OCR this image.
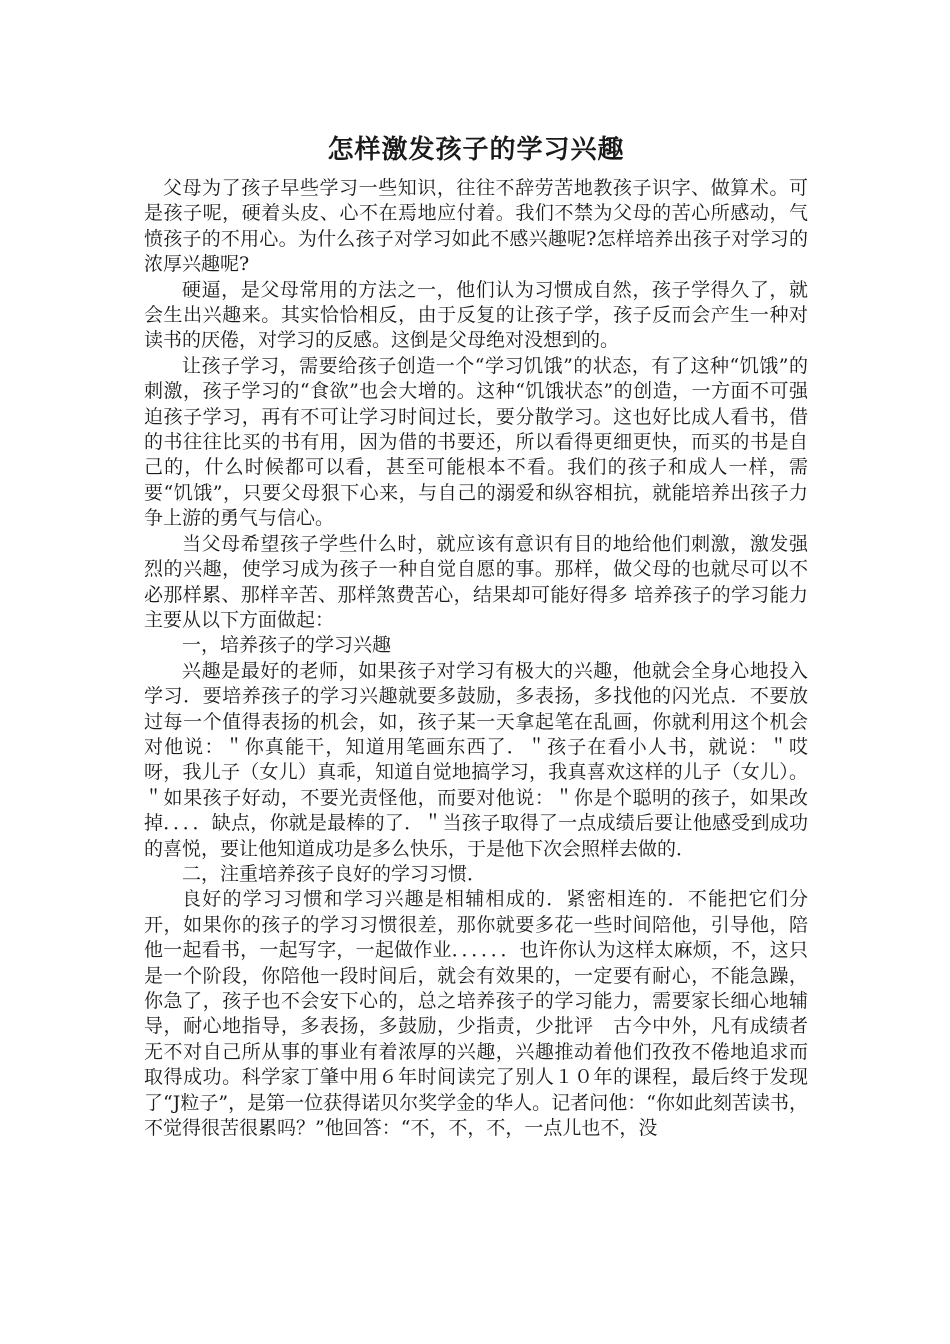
怎样激发孩子的学习兴趣

父母为了孩子早些学习一些知识，往往不辞劳苦地教孩子识字、做算术。可是孩子呢，硬着头皮、心不在焉地应付着。我们不禁为父母的苦心所感动，气愤孩子的不用心。为什么孩子对学习如此不感兴趣呢?怎样培养出孩子对学习的浓厚兴趣呢?

硬逼，是父母常用的方法之一，他们认为习惯成自然，孩子学得久了，就会生出兴趣来。其实恰恰相反，由于反复的让孩子学，孩子反而会产生一种对读书的厌倦，对学习的反感。这倒是父母绝对没想到的。

让孩子学习，需要给孩子创造一个“学习饥饿”的状态，有了这种“饥饿”的刺激，孩子学习的“食欲”也会大增的。这种“饥饿状态”的创造，一方面不可强迫孩子学习，再有不可让学习时间过长，要分散学习。这也好比成人看书，借的书往往比买的书有用，因为借的书要还，所以看得更细更快，而买的书是自己的，什么时候都可以看，甚至可能根本不看。我们的孩子和成人一样，需要“饥饿”，只要父母狠下心来，与自己的溺爱和纵容相抗，就能培养出孩子力争上游的勇气与信心。

当父母希望孩子学些什么时，就应该有意识有目的地给他们刺激，激发强烈的兴趣，使学习成为孩子一种自觉自愿的事。那样，做父母的也就尽可以不必那样累、那样辛苦、那样煞费苦心，结果却可能好得多 培养孩子的学习能力主要从以下方面做起：

一，培养孩子的学习兴趣

兴趣是最好的老师，如果孩子对学习有极大的兴趣，他就会全身心地投入学习．要培养孩子的学习兴趣就要多鼓励，多表扬，多找他的闪光点．不要放过每一个值得表扬的机会，如，孩子某一天拿起笔在乱画，你就利用这个机会对他说：＂你真能干，知道用笔画东西了．＂孩子在看小人书，就说：＂哎呀，我儿子（女儿）真乖，知道自觉地搞学习，我真喜欢这样的儿子（女儿）。＂如果孩子好动，不要光责怪他，而要对他说：＂你是个聪明的孩子，如果改掉．．．．缺点，你就是最棒的了．＂当孩子取得了一点成绩后要让他感受到成功的喜悦，要让他知道成功是多么快乐，于是他下次会照样去做的．

二，注重培养孩子良好的学习习惯．

良好的学习习惯和学习兴趣是相辅相成的．紧密相连的．不能把它们分开，如果你的孩子的学习习惯很差，那你就要多花一些时间陪他，引导他，陪他一起看书，一起写字，一起做作业．．．．．．也许你认为这样太麻烦，不，这只是一个阶段，你陪他一段时间后，就会有效果的，一定要有耐心，不能急躁，你急了，孩子也不会安下心的，总之培养孩子的学习能力，需要家长细心地辅导，耐心地指导，多表扬，多鼓励，少指责，少批评　古今中外，凡有成绩者无不对自己所从事的事业有着浓厚的兴趣，兴趣推动着他们孜孜不倦地追求而取得成功。科学家丁肇中用６年时间读完了别人１０年的课程，最后终于发现了“J粒子”，是第一位获得诺贝尔奖学金的华人。记者问他：“你如此刻苦读书，不觉得很苦很累吗？”他回答：“不，不，不，一点儿也不，没
